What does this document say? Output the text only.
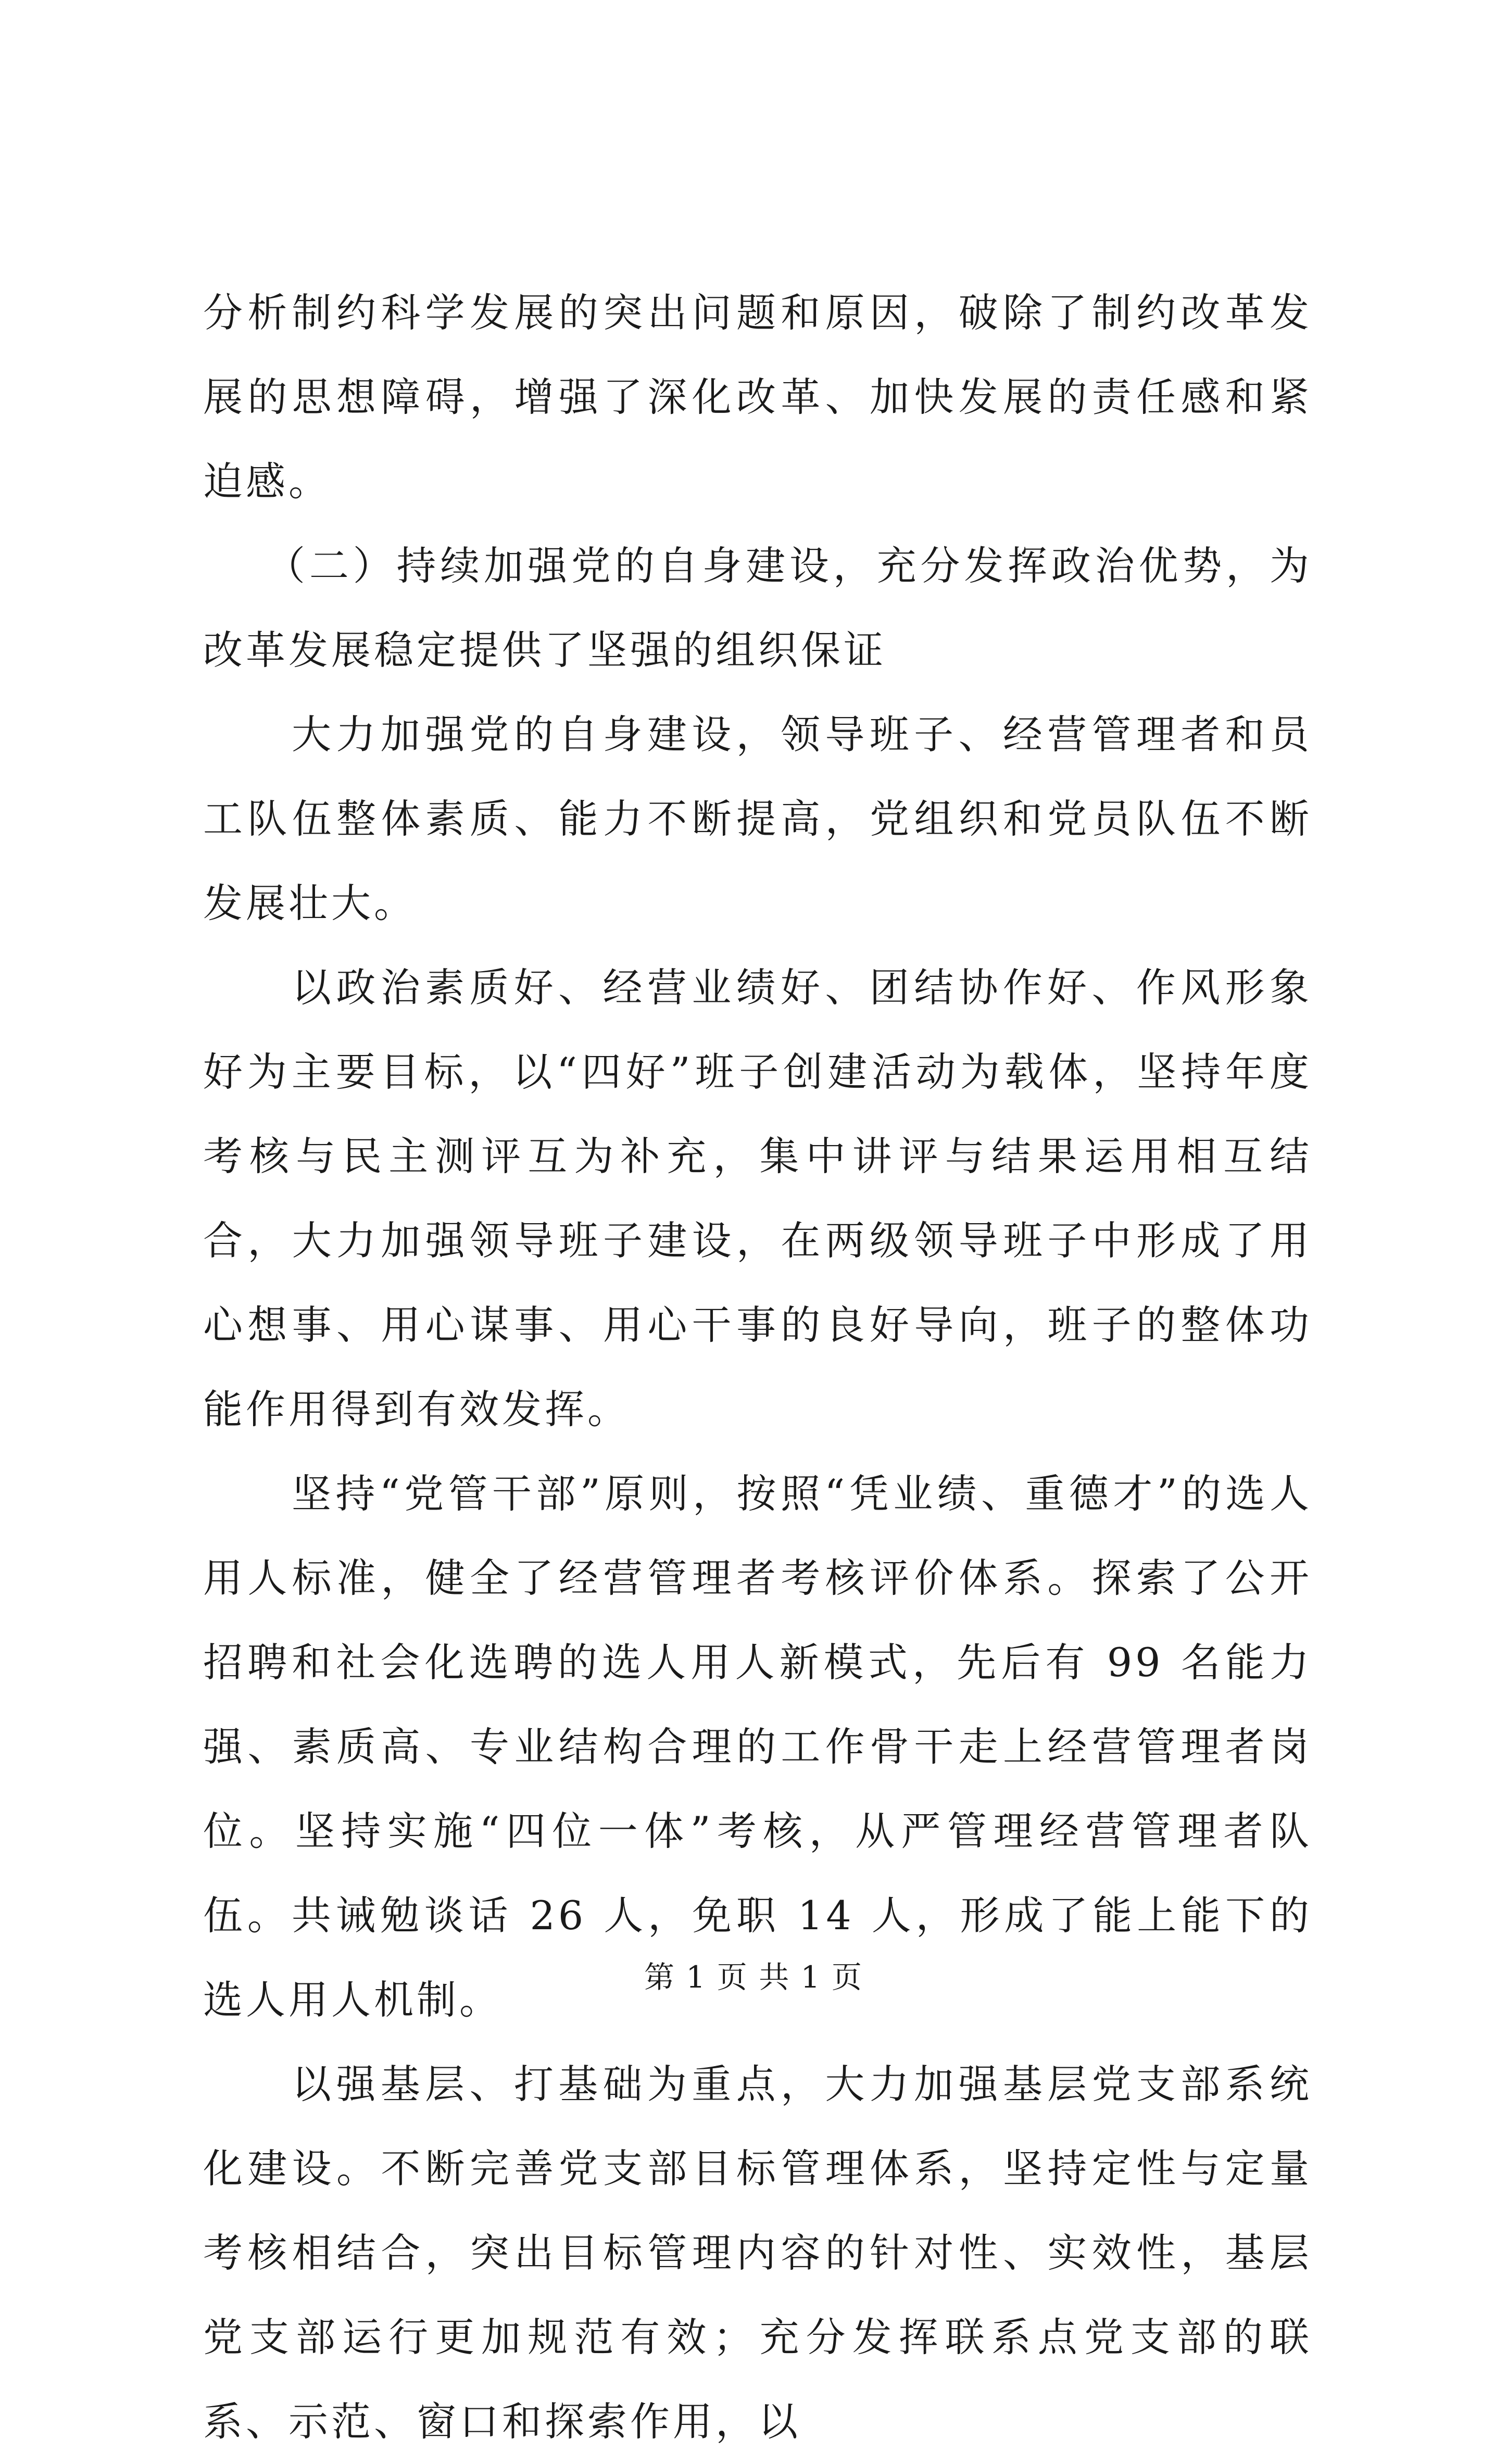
分析制约科学发展的突出问题和原因，破除了制约改革发展的思想障碍，增强了深化改革、加快发展的责任感和紧迫感。

（二）持续加强党的自身建设，充分发挥政治优势，为改革发展稳定提供了坚强的组织保证

大力加强党的自身建设，领导班子、经营管理者和员工队伍整体素质、能力不断提高，党组织和党员队伍不断发展壮大。

以政治素质好、经营业绩好、团结协作好、作风形象好为主要目标，以“四好”班子创建活动为载体，坚持年度考核与民主测评互为补充，集中讲评与结果运用相互结合，大力加强领导班子建设，在两级领导班子中形成了用心想事、用心谋事、用心干事的良好导向，班子的整体功能作用得到有效发挥。

坚持“党管干部”原则，按照“凭业绩、重德才”的选人用人标准，健全了经营管理者考核评价体系。探索了公开招聘和社会化选聘的选人用人新模式，先后有 99 名能力强、素质高、专业结构合理的工作骨干走上经营管理者岗位。坚持实施“四位一体”考核，从严管理经营管理者队伍。共诫勉谈话 26 人，免职 14 人，形成了能上能下的选人用人机制。

以强基层、打基础为重点，大力加强基层党支部系统化建设。不断完善党支部目标管理体系，坚持定性与定量考核相结合，突出目标管理内容的针对性、实效性，基层党支部运行更加规范有效；充分发挥联系点党支部的联系、示范、窗口和探索作用，以

第 1 页 共 1 页
